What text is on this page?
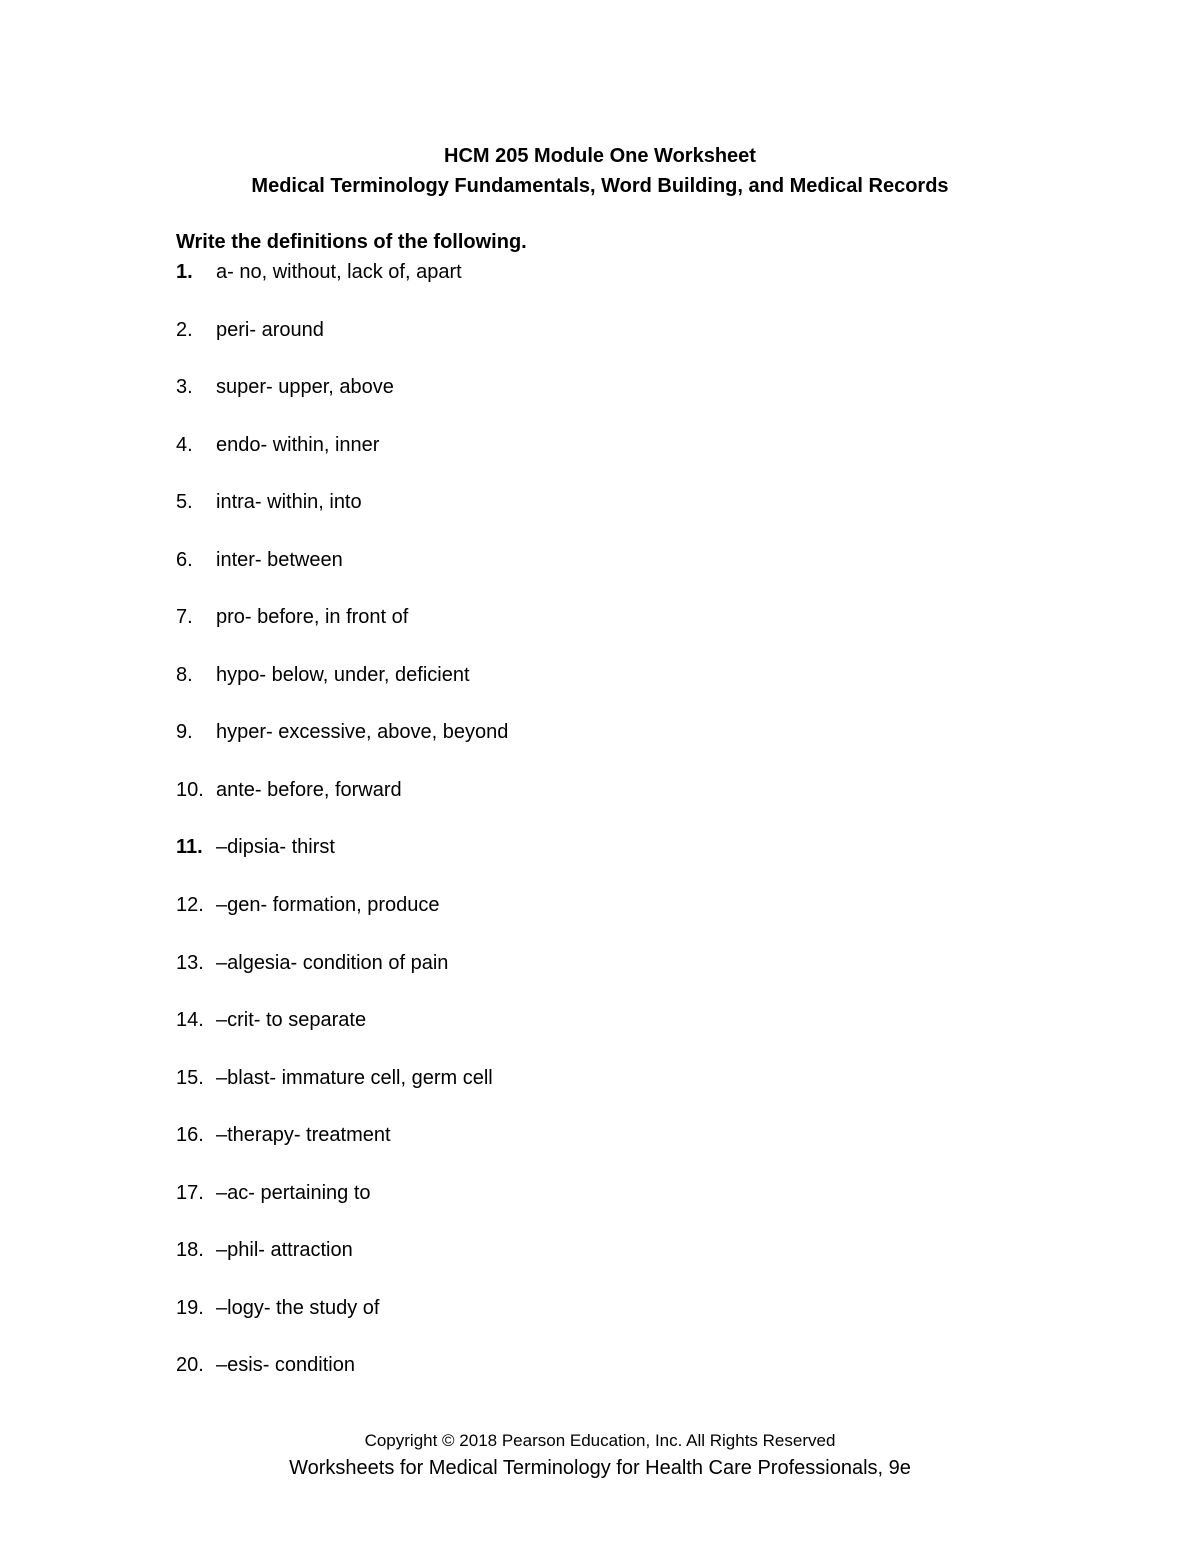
HCM 205 Module One Worksheet
Medical Terminology Fundamentals, Word Building, and Medical Records
Write the definitions of the following.
1.	a- no, without, lack of, apart
2.	peri- around
3.	super- upper, above
4.	endo- within, inner
5.	intra- within, into
6.	inter- between
7.	pro- before, in front of
8.	hypo- below, under, deficient
9.	hyper- excessive, above, beyond
10. ante- before, forward
11. –dipsia- thirst
12. –gen- formation, produce
13. –algesia- condition of pain
14. –crit- to separate
15. –blast- immature cell, germ cell
16. –therapy- treatment
17. –ac- pertaining to
18. –phil- attraction
19. –logy- the study of
20. –esis- condition
Copyright © 2018 Pearson Education, Inc. All Rights Reserved
Worksheets for Medical Terminology for Health Care Professionals, 9e
